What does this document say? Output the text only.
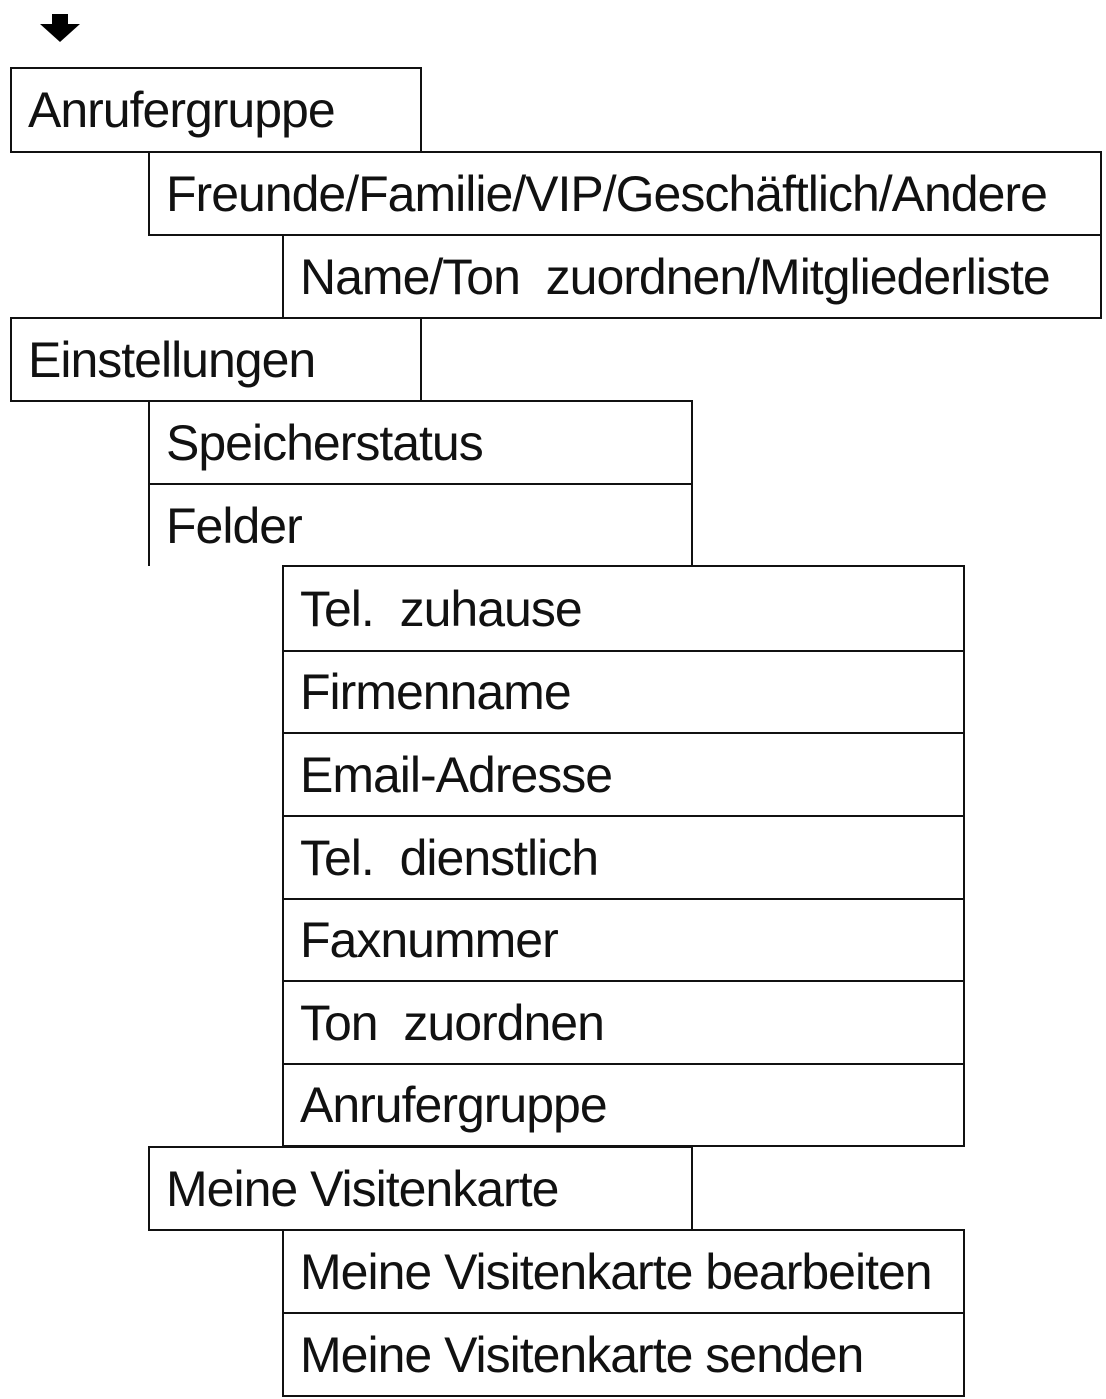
Anrufergruppe
Freunde/Familie/VIP/Geschäftlich/Andere
Name/Ton  zuordnen/Mitgliederliste
Einstellungen
Speicherstatus
Felder
Tel.  zuhause
Firmenname
Email-Adresse
Tel.  dienstlich
Faxnummer
Ton  zuordnen
Anrufergruppe
Meine Visitenkarte
Meine Visitenkarte bearbeiten
Meine Visitenkarte senden
